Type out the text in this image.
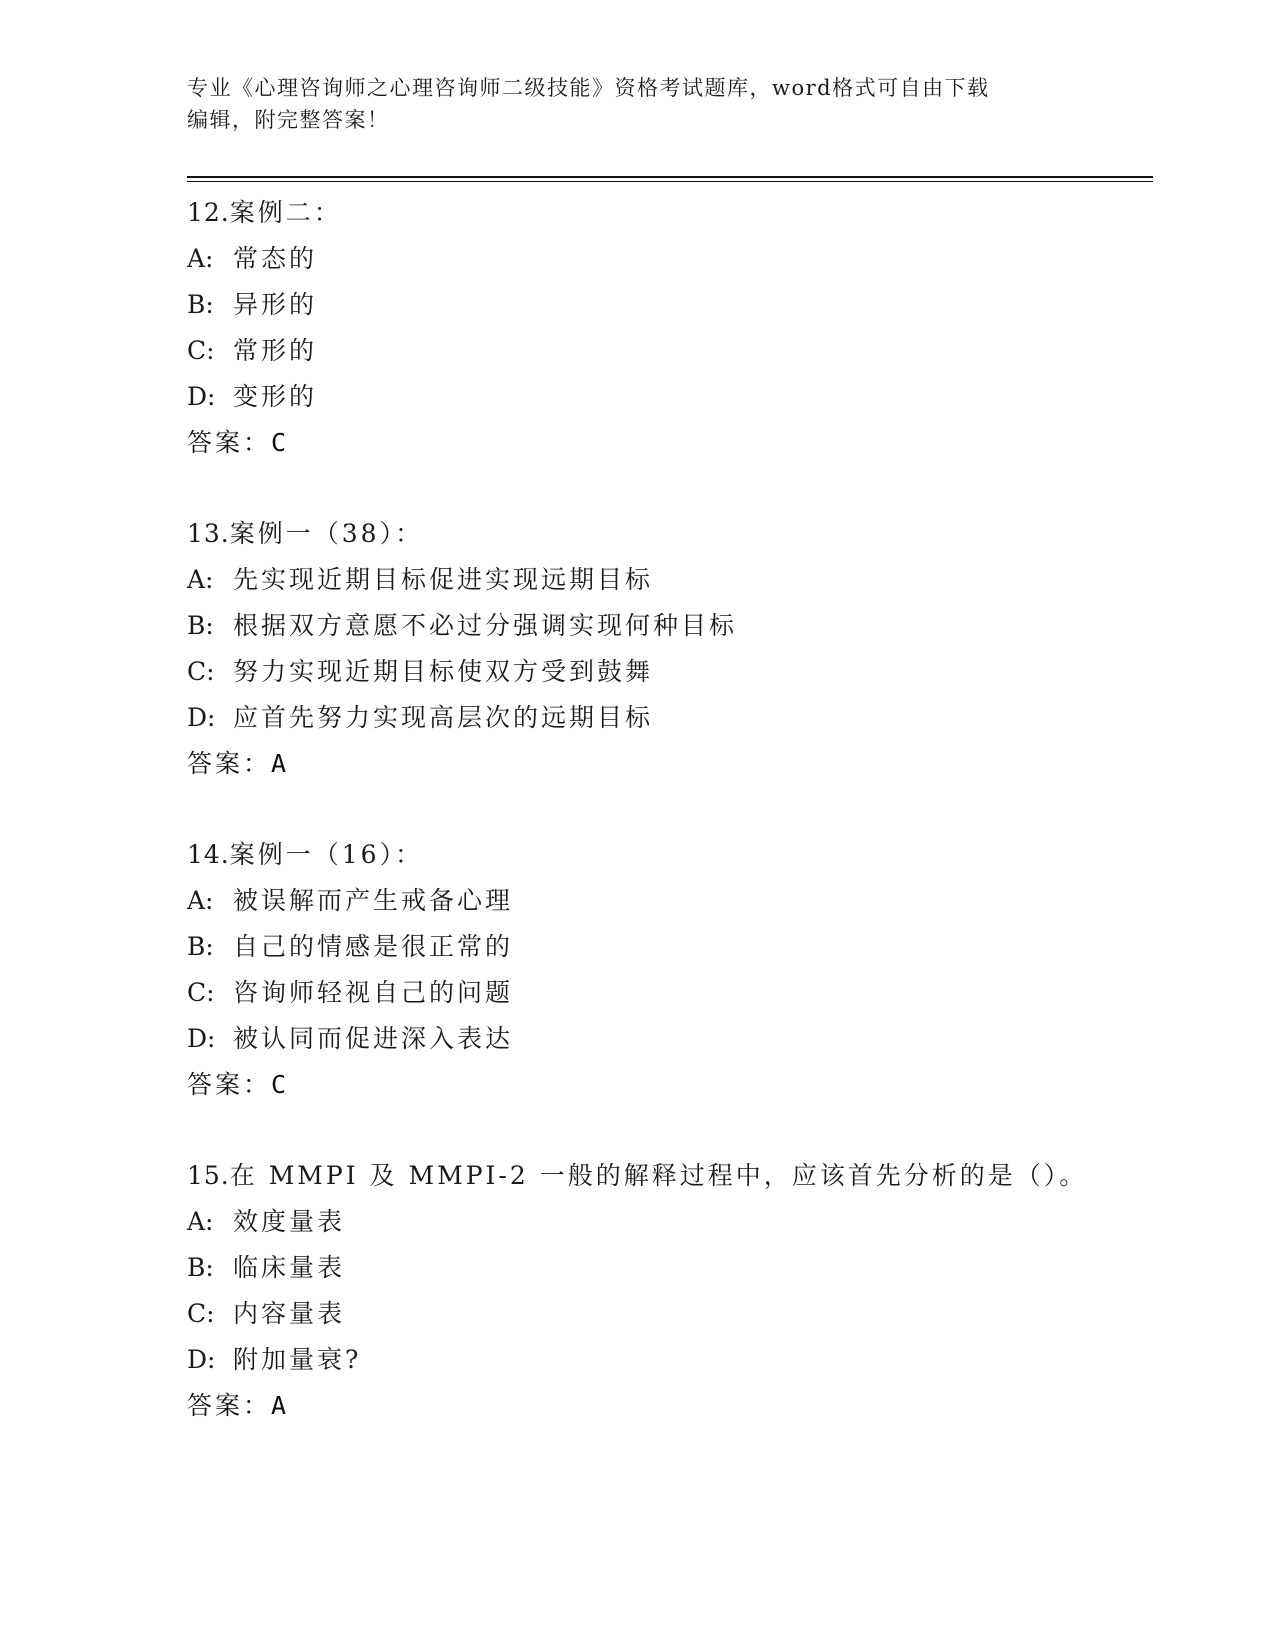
专业《心理咨询师之心理咨询师二级技能》资格考试题库，word格式可自由下载
编辑，附完整答案！
12.案例二：
A: 常态的
B: 异形的
C: 常形的
D: 变形的
答案：C
13.案例一（38）：
A: 先实现近期目标促进实现远期目标
B: 根据双方意愿不必过分强调实现何种目标
C: 努力实现近期目标使双方受到鼓舞
D: 应首先努力实现高层次的远期目标
答案：A
14.案例一（16）：
A: 被误解而产生戒备心理
B: 自己的情感是很正常的
C: 咨询师轻视自己的问题
D: 被认同而促进深入表达
答案：C
15.在 MMPI 及 MMPI-2 一般的解释过程中，应该首先分析的是（）。
A: 效度量表
B: 临床量表
C: 内容量表
D: 附加量衰?
答案：A
